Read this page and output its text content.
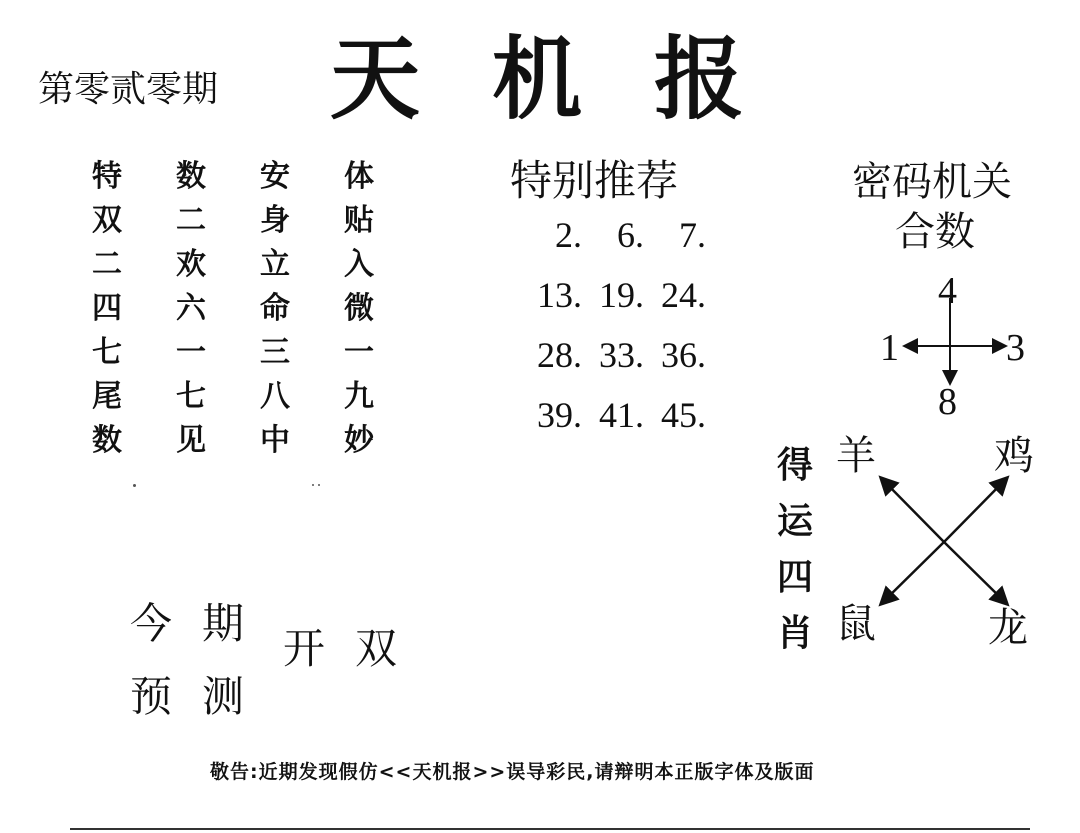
第零贰零期 天机报
特	数	安	体
双	二	身	贴
二	欢	立	入
四	六	命	微
七	一	三	一
尾	七	八	九
数	见	中	妙
特别推荐
2. 6. 7.
13. 19. 24.
28. 33. 36.
39. 41. 45.
密码机关
合数
4
1	3
8
得运四肖
羊	鸡
鼠	龙
今期
预测
开双
敬告:近期发现假仿<<天机报>>误导彩民,请辩明本正版字体及版面
